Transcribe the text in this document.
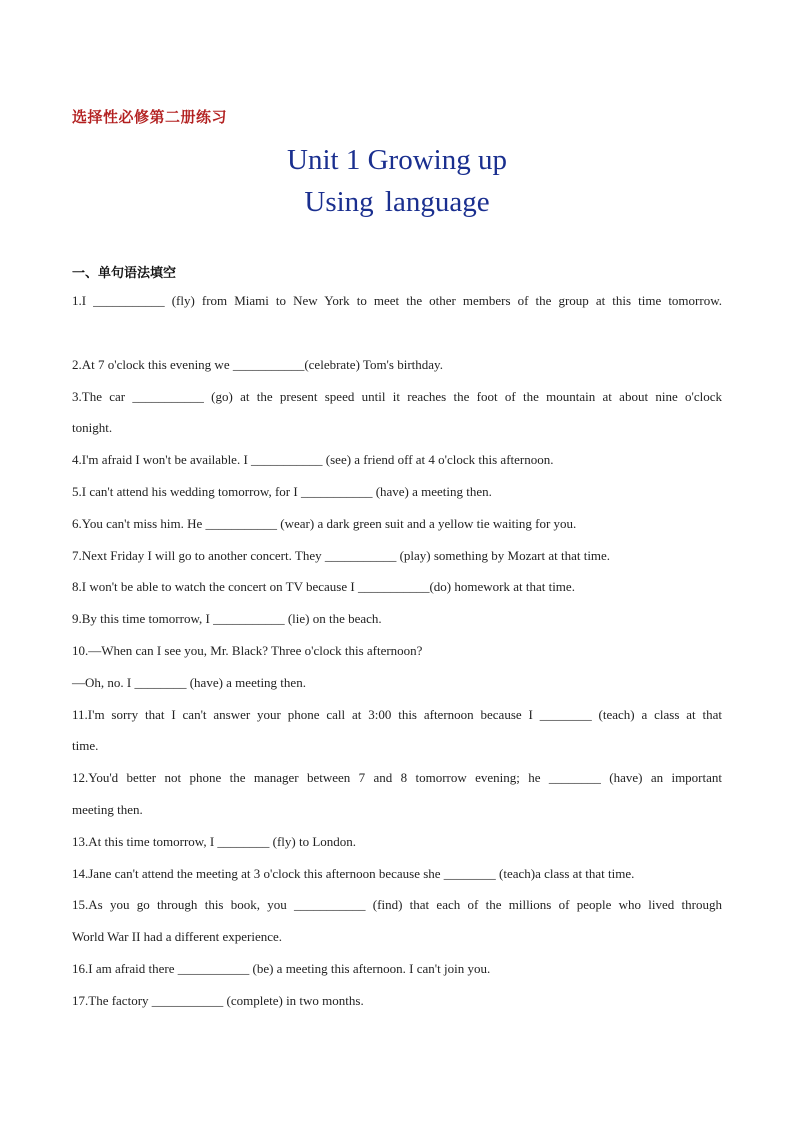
选择性必修第二册练习
Unit 1 Growing up
Using language
一、单句语法填空
1.I ___________ (fly) from Miami to New York to meet the other members of the group at this time tomorrow.
2.At 7 o'clock this evening we ___________(celebrate) Tom's birthday.
3.The car ___________ (go) at the present speed until it reaches the foot of the mountain at about nine o'clock
tonight.
4.I'm afraid I won't be available. I ___________ (see) a friend off at 4 o'clock this afternoon.
5.I can't attend his wedding tomorrow, for I ___________ (have) a meeting then.
6.You can't miss him. He ___________ (wear) a dark green suit and a yellow tie waiting for you.
7.Next Friday I will go to another concert. They ___________ (play) something by Mozart at that time.
8.I won't be able to watch the concert on TV because I ___________(do) homework at that time.
9.By this time tomorrow, I ___________ (lie) on the beach.
10.—When can I see you, Mr. Black? Three o'clock this afternoon?
—Oh, no. I ________ (have) a meeting then.
11.I'm sorry that I can't answer your phone call at 3:00 this afternoon because I ________ (teach) a class at that
time.
12.You'd better not phone the manager between 7 and 8 tomorrow evening; he ________ (have) an important
meeting then.
13.At this time tomorrow, I ________ (fly) to London.
14.Jane can't attend the meeting at 3 o'clock this afternoon because she ________ (teach)a class at that time.
15.As you go through this book, you ___________ (find) that each of the millions of people who lived through
World War II had a different experience.
16.I am afraid there ___________ (be) a meeting this afternoon. I can't join you.
17.The factory ___________ (complete) in two months.
